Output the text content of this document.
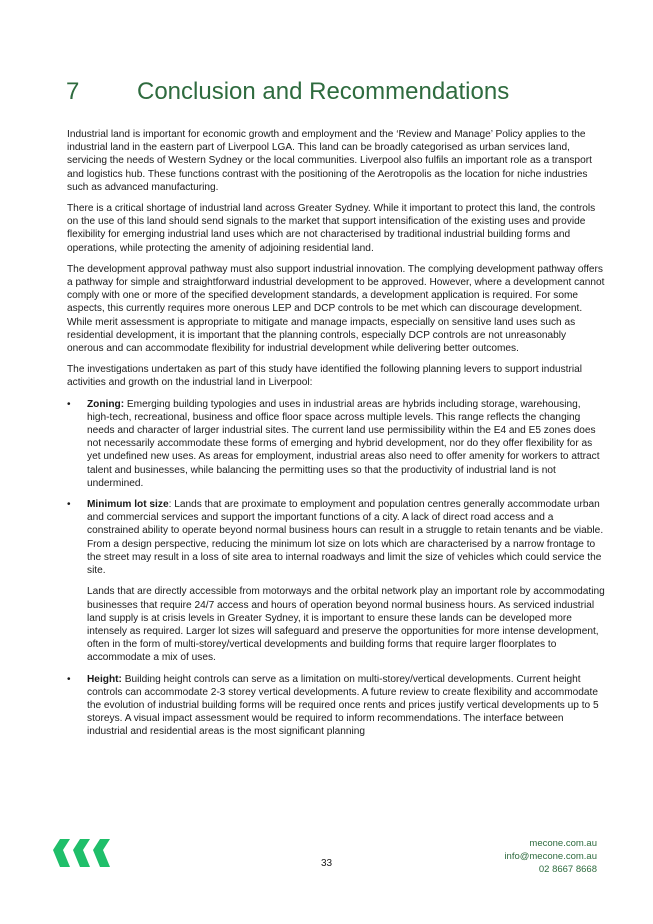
7 Conclusion and Recommendations

Industrial land is important for economic growth and employment and the ‘Review and Manage’ Policy applies to the industrial land in the eastern part of Liverpool LGA. This land can be broadly categorised as urban services land, servicing the needs of Western Sydney or the local communities. Liverpool also fulfils an important role as a transport and logistics hub. These functions contrast with the positioning of the Aerotropolis as the location for niche industries such as advanced manufacturing.

There is a critical shortage of industrial land across Greater Sydney. While it important to protect this land, the controls on the use of this land should send signals to the market that support intensification of the existing uses and provide flexibility for emerging industrial land uses which are not characterised by traditional industrial building forms and operations, while protecting the amenity of adjoining residential land.

The development approval pathway must also support industrial innovation. The complying development pathway offers a pathway for simple and straightforward industrial development to be approved. However, where a development cannot comply with one or more of the specified development standards, a development application is required. For some aspects, this currently requires more onerous LEP and DCP controls to be met which can discourage development. While merit assessment is appropriate to mitigate and manage impacts, especially on sensitive land uses such as residential development, it is important that the planning controls, especially DCP controls are not unreasonably onerous and can accommodate flexibility for industrial development while delivering better outcomes.

The investigations undertaken as part of this study have identified the following planning levers to support industrial activities and growth on the industrial land in Liverpool:

• Zoning: Emerging building typologies and uses in industrial areas are hybrids including storage, warehousing, high-tech, recreational, business and office floor space across multiple levels. This range reflects the changing needs and character of larger industrial sites. The current land use permissibility within the E4 and E5 zones does not necessarily accommodate these forms of emerging and hybrid development, nor do they offer flexibility for as yet undefined new uses. As areas for employment, industrial areas also need to offer amenity for workers to attract talent and businesses, while balancing the permitting uses so that the productivity of industrial land is not undermined.

• Minimum lot size: Lands that are proximate to employment and population centres generally accommodate urban and commercial services and support the important functions of a city. A lack of direct road access and a constrained ability to operate beyond normal business hours can result in a struggle to retain tenants and be viable. From a design perspective, reducing the minimum lot size on lots which are characterised by a narrow frontage to the street may result in a loss of site area to internal roadways and limit the size of vehicles which could service the site.

Lands that are directly accessible from motorways and the orbital network play an important role by accommodating businesses that require 24/7 access and hours of operation beyond normal business hours. As serviced industrial land supply is at crisis levels in Greater Sydney, it is important to ensure these lands can be developed more intensely as required. Larger lot sizes will safeguard and preserve the opportunities for more intense development, often in the form of multi-storey/vertical developments and building forms that require larger floorplates to accommodate a mix of uses.

• Height: Building height controls can serve as a limitation on multi-storey/vertical developments. Current height controls can accommodate 2-3 storey vertical developments. A future review to create flexibility and accommodate the evolution of industrial building forms will be required once rents and prices justify vertical developments up to 5 storeys. A visual impact assessment would be required to inform recommendations. The interface between industrial and residential areas is the most significant planning

33
mecone.com.au
info@mecone.com.au
02 8667 8668
